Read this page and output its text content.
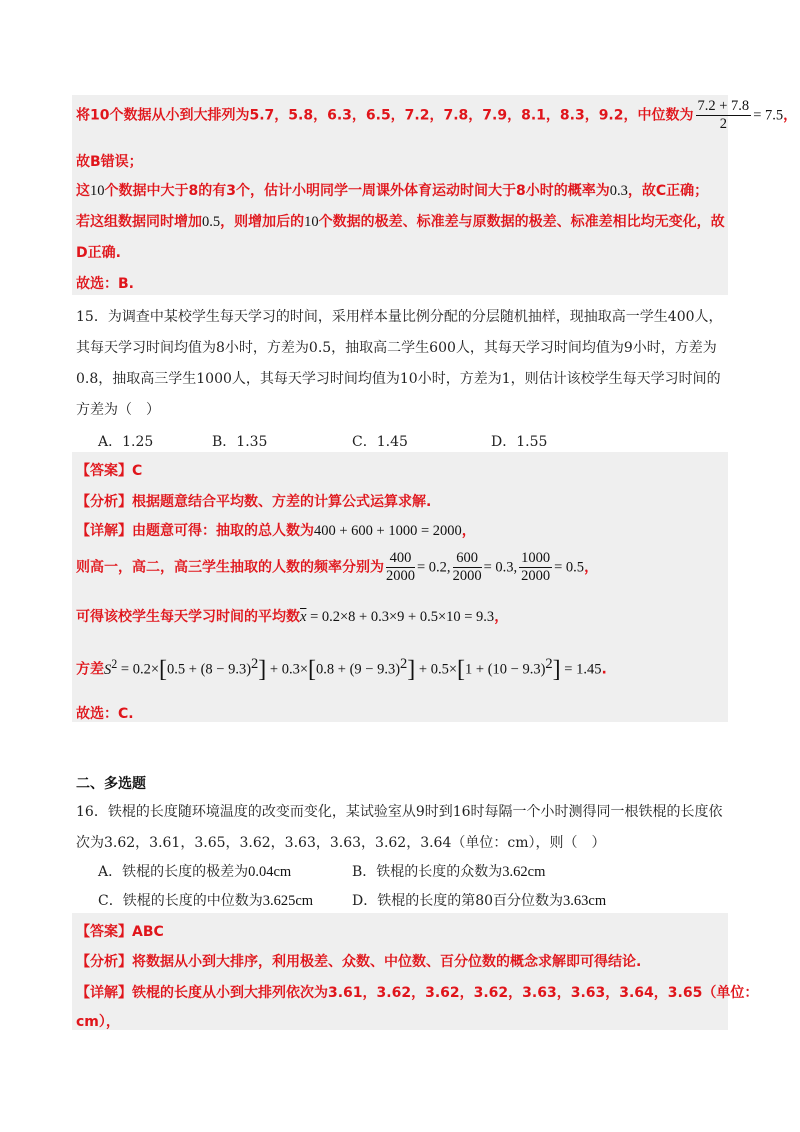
将10个数据从小到大排列为5.7，5.8，6.3，6.5，7.2，7.8，7.9，8.1，8.3，9.2，中位数为 $\frac{7.2 + 7.8}{2} = 7.5$，
故B错误；
这10个数据中大于8的有3个，估计小明同学一周课外体育运动时间大于8小时的概率为0.3，故C正确；
若这组数据同时增加0.5，则增加后的10个数据的极差、标准差与原数据的极差、标准差相比均无变化，故
D正确.
故选：B.
15．为调查中某校学生每天学习的时间，采用样本量比例分配的分层随机抽样，现抽取高一学生400人，
其每天学习时间均值为8小时，方差为0.5，抽取高二学生600人，其每天学习时间均值为9小时，方差为
0.8，抽取高三学生1000人，其每天学习时间均值为10小时，方差为1，则估计该校学生每天学习时间的
方差为（　）
A．1.25	B．1.35	C．1.45	D．1.55
【答案】C
【分析】根据题意结合平均数、方差的计算公式运算求解.
【详解】由题意可得：抽取的总人数为400 + 600 + 1000 = 2000，
则高一，高二，高三学生抽取的人数的频率分别为 $\frac{400}{2000} = 0.2$, $\frac{600}{2000} = 0.3$, $\frac{1000}{2000} = 0.5$，
可得该校学生每天学习时间的平均数$\overline{x} = 0.2\times 8 + 0.3\times 9 + 0.5\times 10 = 9.3$，
方差$S^2 = 0.2\times[0.5 + (8 - 9.3)^2] + 0.3\times[0.8 + (9 - 9.3)^2] + 0.5\times[1 + (10 - 9.3)^2] = 1.45$.
故选：C.
二、多选题
16．铁棍的长度随环境温度的改变而变化，某试验室从9时到16时每隔一个小时测得同一根铁棍的长度依
次为3.62，3.61，3.65，3.62，3.63，3.63，3.62，3.64（单位：cm），则（　）
A．铁棍的长度的极差为0.04cm	B．铁棍的长度的众数为3.62cm
C．铁棍的长度的中位数为3.625cm	D．铁棍的长度的第80百分位数为3.63cm
【答案】ABC
【分析】将数据从小到大排序，利用极差、众数、中位数、百分位数的概念求解即可得结论.
【详解】铁棍的长度从小到大排列依次为3.61，3.62，3.62，3.62，3.63，3.63，3.64，3.65（单位：
cm），
